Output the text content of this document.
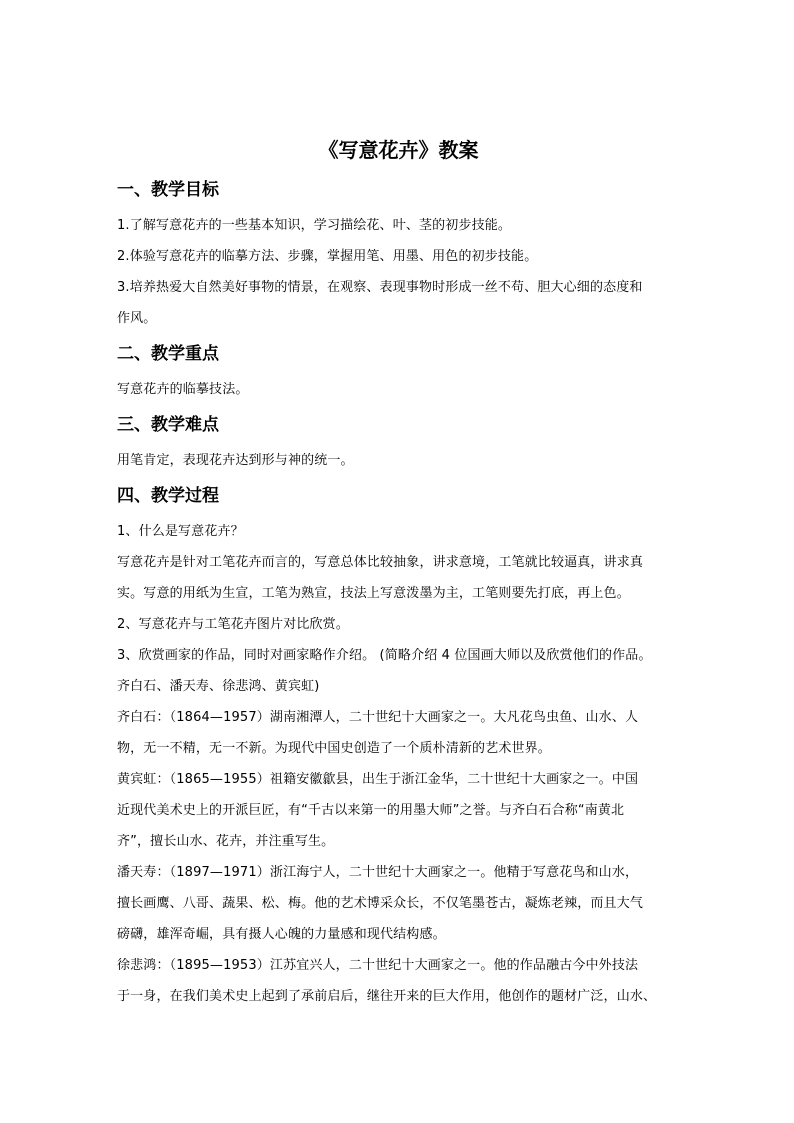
《写意花卉》教案
一、教学目标
1.了解写意花卉的一些基本知识，学习描绘花、叶、茎的初步技能。
2.体验写意花卉的临摹方法、步骤，掌握用笔、用墨、用色的初步技能。
3.培养热爱大自然美好事物的情景，在观察、表现事物时形成一丝不苟、胆大心细的态度和
作风。
二、教学重点
写意花卉的临摹技法。
三、教学难点
用笔肯定，表现花卉达到形与神的统一。
四、教学过程
1、什么是写意花卉？
写意花卉是针对工笔花卉而言的，写意总体比较抽象，讲求意境，工笔就比较逼真，讲求真
实。写意的用纸为生宣，工笔为熟宣，技法上写意泼墨为主，工笔则要先打底，再上色。
2、写意花卉与工笔花卉图片对比欣赏。
3、欣赏画家的作品，同时对画家略作介绍。 (简略介绍 4 位国画大师以及欣赏他们的作品。
齐白石、潘天寿、徐悲鸿、黄宾虹)
齐白石：（1864—1957）湖南湘潭人，二十世纪十大画家之一。大凡花鸟虫鱼、山水、人
物，无一不精，无一不新。为现代中国史创造了一个质朴清新的艺术世界。
黄宾虹：（1865—1955）祖籍安徽歙县，出生于浙江金华，二十世纪十大画家之一。中国
近现代美术史上的开派巨匠，有“千古以来第一的用墨大师”之誉。与齐白石合称“南黄北
齐”，擅长山水、花卉，并注重写生。
潘天寿：（1897—1971）浙江海宁人，二十世纪十大画家之一。他精于写意花鸟和山水，
擅长画鹰、八哥、蔬果、松、梅。他的艺术博采众长，不仅笔墨苍古，凝炼老辣，而且大气
磅礴，雄浑奇崛，具有摄人心魄的力量感和现代结构感。
徐悲鸿：（1895—1953）江苏宜兴人，二十世纪十大画家之一。他的作品融古今中外技法
于一身，在我们美术史上起到了承前启后，继往开来的巨大作用，他创作的题材广泛，山水、
